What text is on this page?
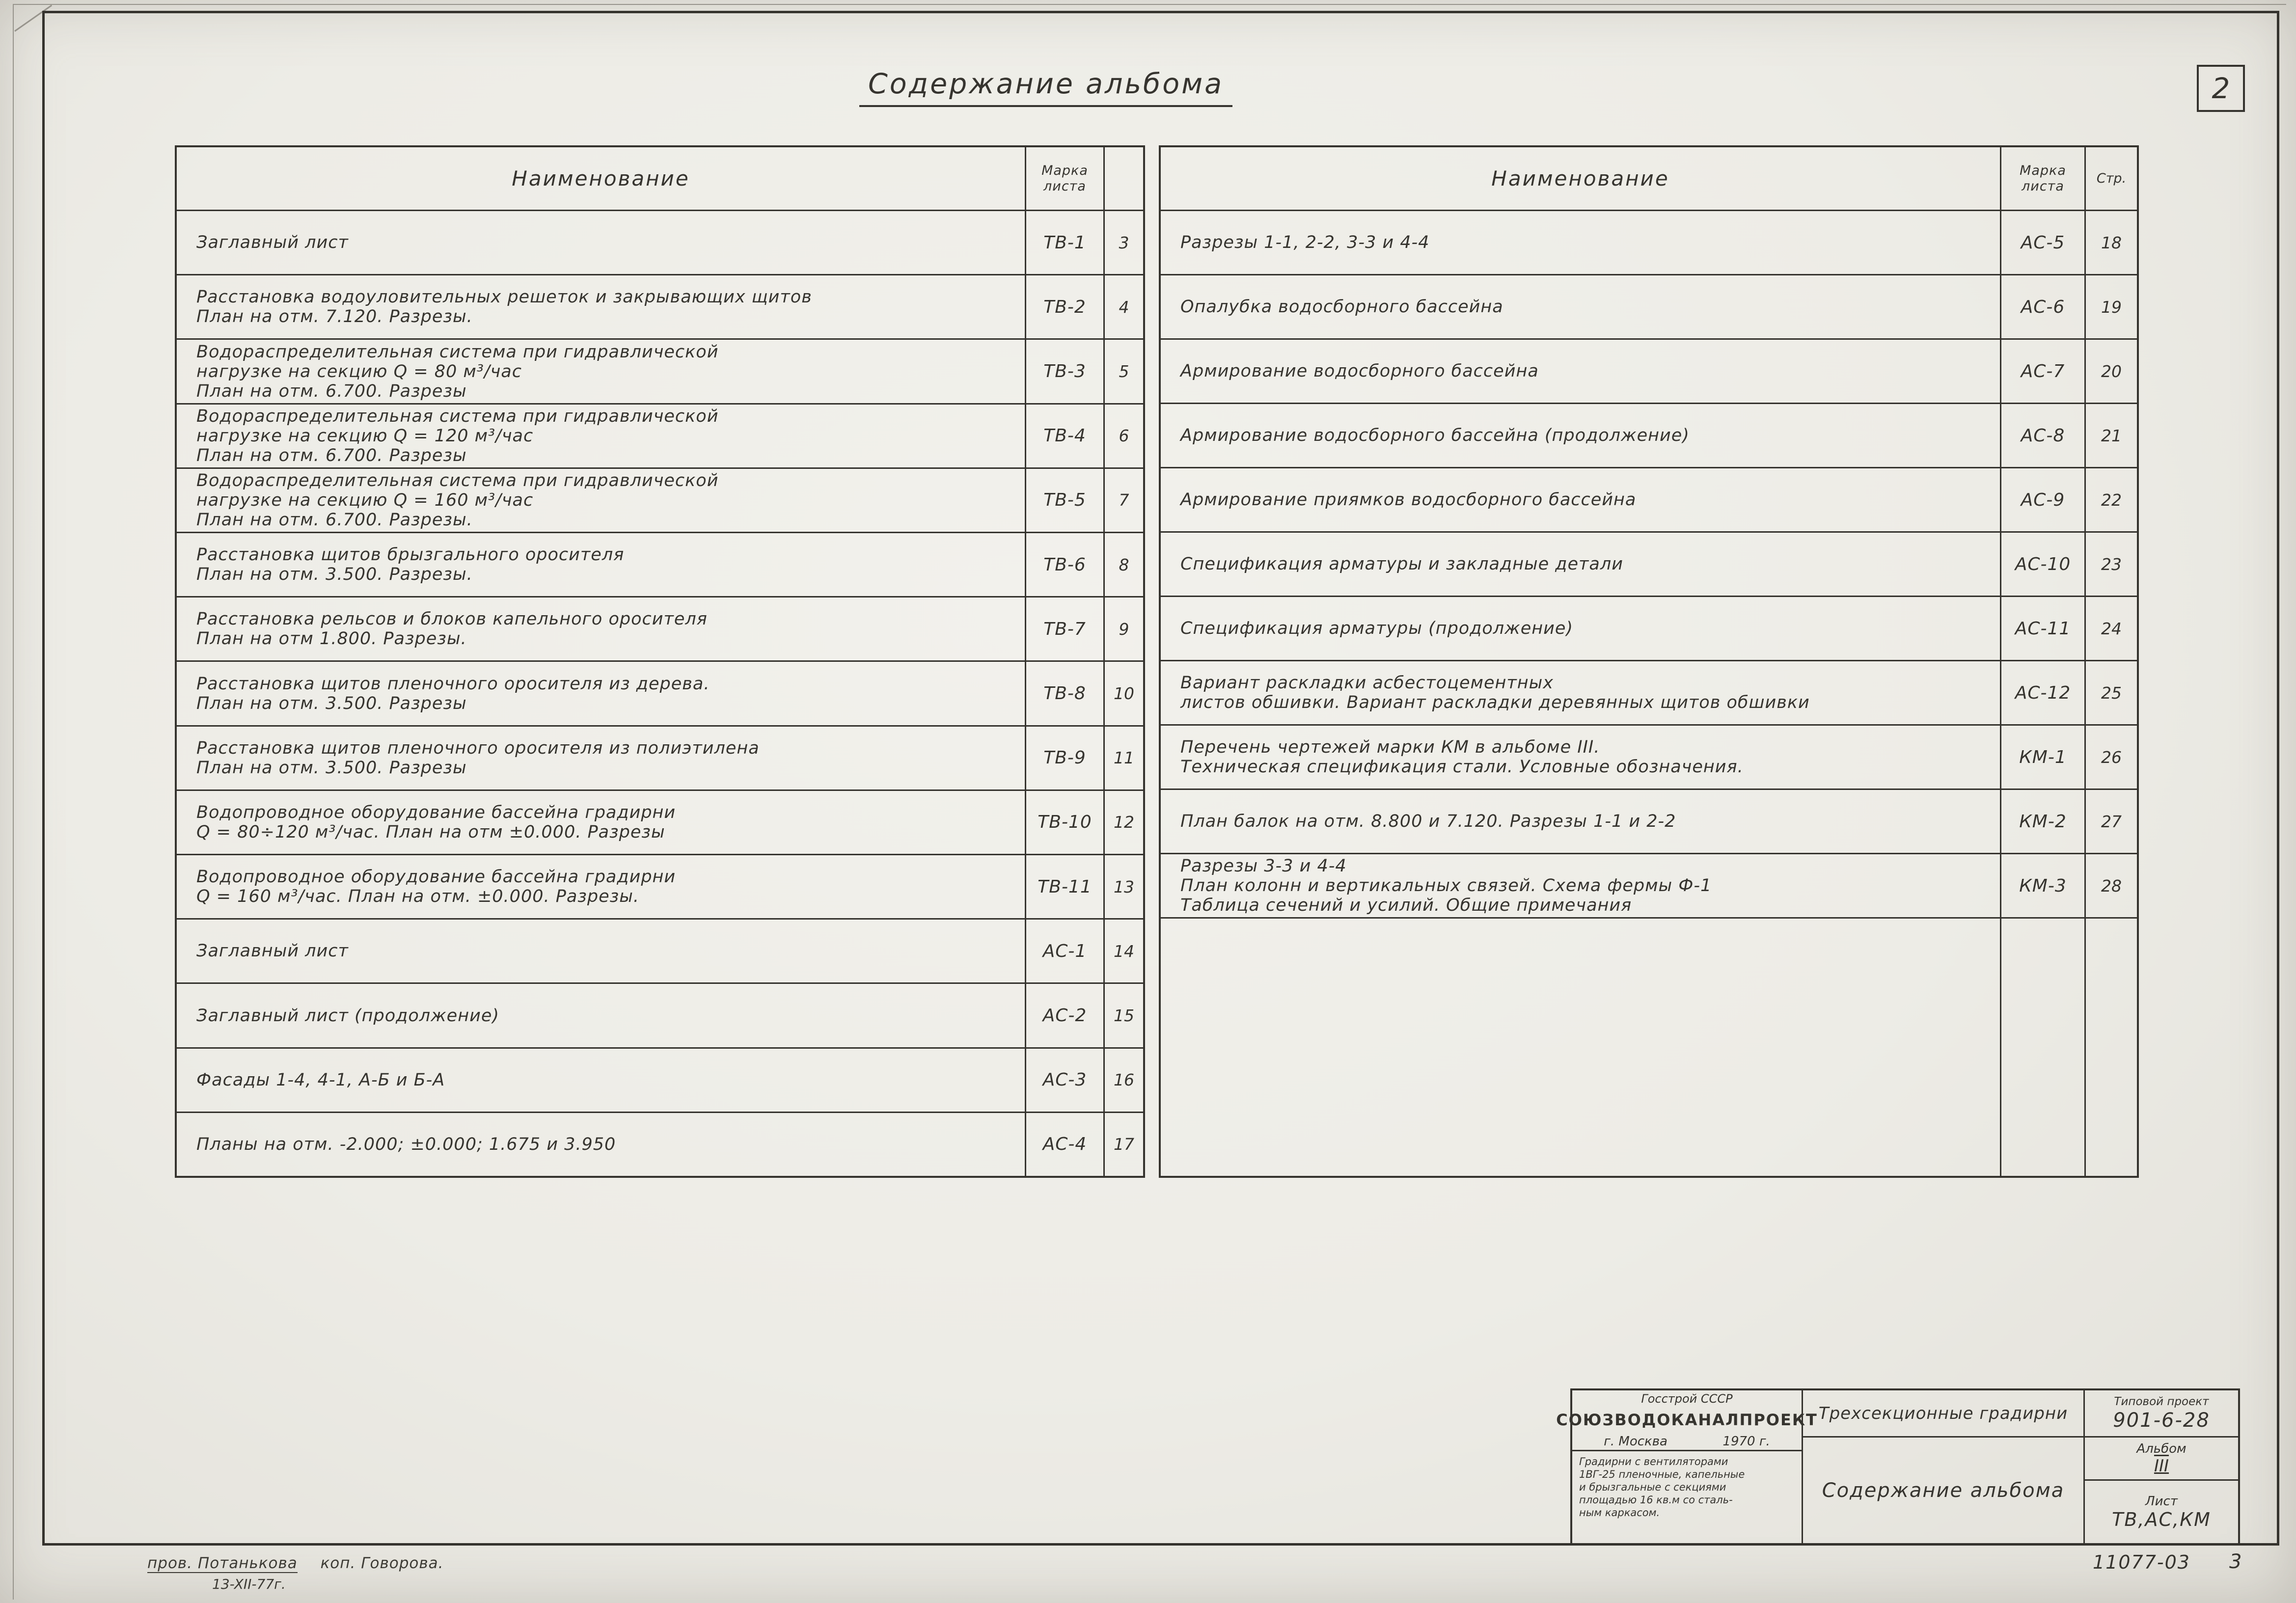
Содержание альбома	2
Наименование	Марка
листа
Заглавный лист	ТВ-1	3
Расстановка водоуловительных решеток и закрывающих щитов
План на отм. 7.120. Разрезы.	ТВ-2	4
Водораспределительная система при гидравлической
нагрузке на секцию Q = 80 м³/час
План на отм. 6.700. Разрезы
ТВ-3	5
Водораспределительная система при гидравлической
нагрузке на секцию Q = 120 м³/час
План на отм. 6.700. Разрезы
ТВ-4	6
Водораспределительная система при гидравлической
нагрузке на секцию Q = 160 м³/час
План на отм. 6.700. Разрезы.
ТВ-5	7
Расстановка щитов брызгального оросителя
План на отм. 3.500. Разрезы.	ТВ-6	8
Расстановка рельсов и блоков капельного оросителя
План на отм 1.800. Разрезы.	ТВ-7	9
Расстановка щитов пленочного оросителя из дерева.
План на отм. 3.500. Разрезы	ТВ-8	10
Расстановка щитов пленочного оросителя из полиэтилена
План на отм. 3.500. Разрезы	ТВ-9	11
Водопроводное оборудование бассейна градирни
Q = 80÷120 м³/час. План на отм ±0.000. Разрезы	ТВ-10	12
Водопроводное оборудование бассейна градирни
Q = 160 м³/час. План на отм. ±0.000. Разрезы.	ТВ-11	13
Заглавный лист	АС-1	14
Заглавный лист (продолжение)	АС-2	15
Фасады 1-4, 4-1, А-Б и Б-А	АС-3	16
Планы на отм. -2.000; ±0.000; 1.675 и 3.950	АС-4	17
Наименование	Марка
листа
Стр.
Разрезы 1-1, 2-2, 3-3 и 4-4	АС-5	18
Опалубка водосборного бассейна	АС-6	19
Армирование водосборного бассейна	АС-7	20
Армирование водосборного бассейна (продолжение)	АС-8	21
Армирование приямков водосборного бассейна	АС-9	22
Спецификация арматуры и закладные детали	АС-10	23
Спецификация арматуры (продолжение)	АС-11	24
Вариант раскладки асбестоцементных
листов обшивки. Вариант раскладки деревянных щитов обшивки	АС-12	25
Перечень чертежей марки КМ в альбоме III.
Техническая спецификация стали. Условные обозначения.	КМ-1	26
План балок на отм. 8.800 и 7.120. Разрезы 1-1 и 2-2	КМ-2	27
Разрезы 3-3 и 4-4
План колонн и вертикальных связей. Схема фермы Ф-1
Таблица сечений и усилий. Общие примечания
КМ-3	28
Госстрой СССР
СОЮЗВОДОКАНАЛПРОЕКТ
г. Москва	1970 г.
Градирни с вентиляторами
1ВГ-25 пленочные, капельные
и брызгальные с секциями
площадью 16 кв.м со сталь-
ным каркасом.
Трехсекционные градирни
Содержание альбома
Типовой проект
901-6-28
Альбом
III
Лист
ТВ,АС,КМ
11077-03 3
пров. Потанькова коп. Говорова.
13-XII-77г.
